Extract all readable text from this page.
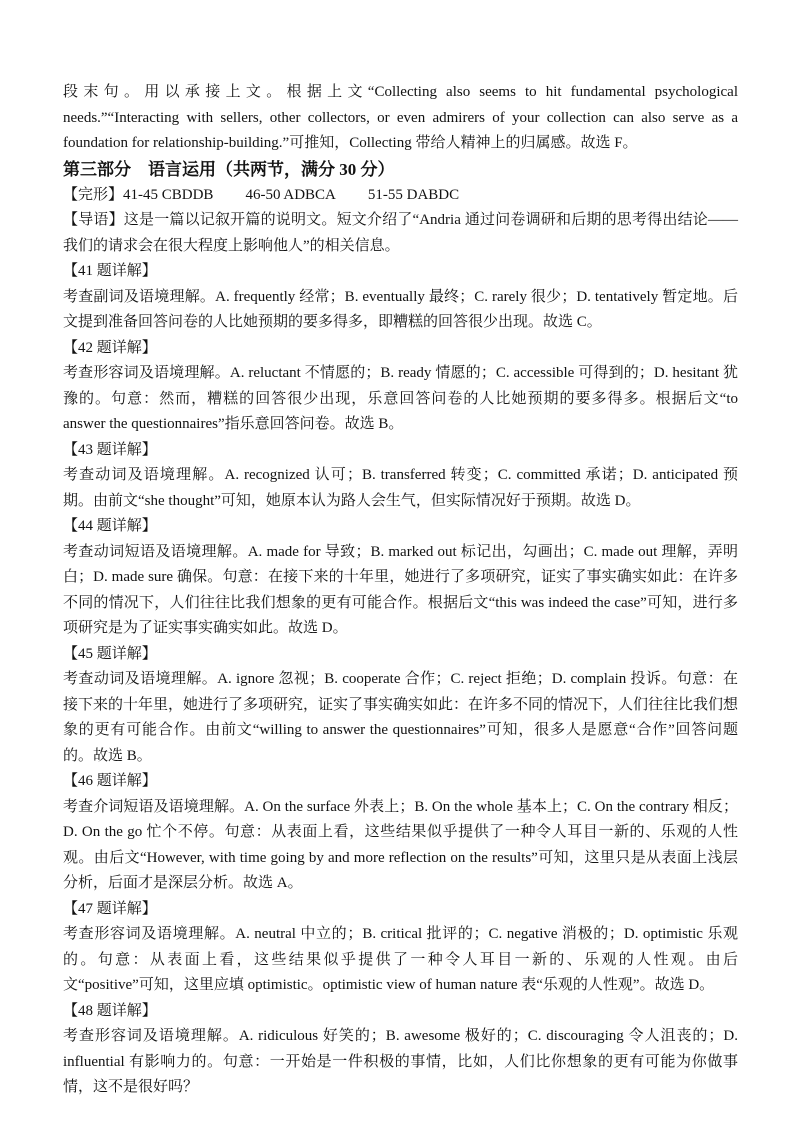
段末句。用以承接上文。根据上文“Collecting also seems to hit fundamental psychological needs.”“Interacting with sellers, other collectors, or even admirers of your collection can also serve as a foundation for relationship-building.”可推知，Collecting 带给人精神上的归属感。故选 F。

第三部分　语言运用（共两节，满分 30 分）

【完形】41-45 CBDDB 46-50 ADBCA 51-55 DABDC

【导语】这是一篇以记叙开篇的说明文。短文介绍了“Andria 通过问卷调研和后期的思考得出结论——我们的请求会在很大程度上影响他人”的相关信息。

【41 题详解】

考查副词及语境理解。A. frequently 经常；B. eventually 最终；C. rarely 很少；D. tentatively 暂定地。后文提到准备回答问卷的人比她预期的要多得多，即糟糕的回答很少出现。故选 C。

【42 题详解】

考查形容词及语境理解。A. reluctant 不情愿的；B. ready 情愿的；C. accessible 可得到的；D. hesitant 犹豫的。句意：然而，糟糕的回答很少出现，乐意回答问卷的人比她预期的要多得多。根据后文“to answer the questionnaires”指乐意回答问卷。故选 B。

【43 题详解】

考查动词及语境理解。A. recognized 认可；B. transferred 转变；C. committed 承诺；D. anticipated 预期。由前文“she thought”可知，她原本认为路人会生气，但实际情况好于预期。故选 D。

【44 题详解】

考查动词短语及语境理解。A. made for 导致；B. marked out 标记出，勾画出；C. made out 理解，弄明白；D. made sure 确保。句意：在接下来的十年里，她进行了多项研究，证实了事实确实如此：在许多不同的情况下，人们往往比我们想象的更有可能合作。根据后文“this was indeed the case”可知，进行多项研究是为了证实事实确实如此。故选 D。

【45 题详解】

考查动词及语境理解。A. ignore 忽视；B. cooperate 合作；C. reject 拒绝；D. complain 投诉。句意：在接下来的十年里，她进行了多项研究，证实了事实确实如此：在许多不同的情况下，人们往往比我们想象的更有可能合作。由前文“willing to answer the questionnaires”可知，很多人是愿意“合作”回答问题的。故选 B。

【46 题详解】

考查介词短语及语境理解。A. On the surface 外表上；B. On the whole 基本上；C. On the contrary 相反；D. On the go 忙个不停。句意：从表面上看，这些结果似乎提供了一种令人耳目一新的、乐观的人性观。由后文“However, with time going by and more reflection on the results”可知，这里只是从表面上浅层分析，后面才是深层分析。故选 A。

【47 题详解】

考查形容词及语境理解。A. neutral 中立的；B. critical 批评的；C. negative 消极的；D. optimistic 乐观的。句意：从表面上看，这些结果似乎提供了一种令人耳目一新的、乐观的人性观。由后文“positive”可知，这里应填 optimistic。optimistic view of human nature 表“乐观的人性观”。故选 D。

【48 题详解】

考查形容词及语境理解。A. ridiculous 好笑的；B. awesome 极好的；C. discouraging 令人沮丧的；D. influential 有影响力的。句意：一开始是一件积极的事情，比如，人们比你想象的更有可能为你做事情，这不是很好吗？
